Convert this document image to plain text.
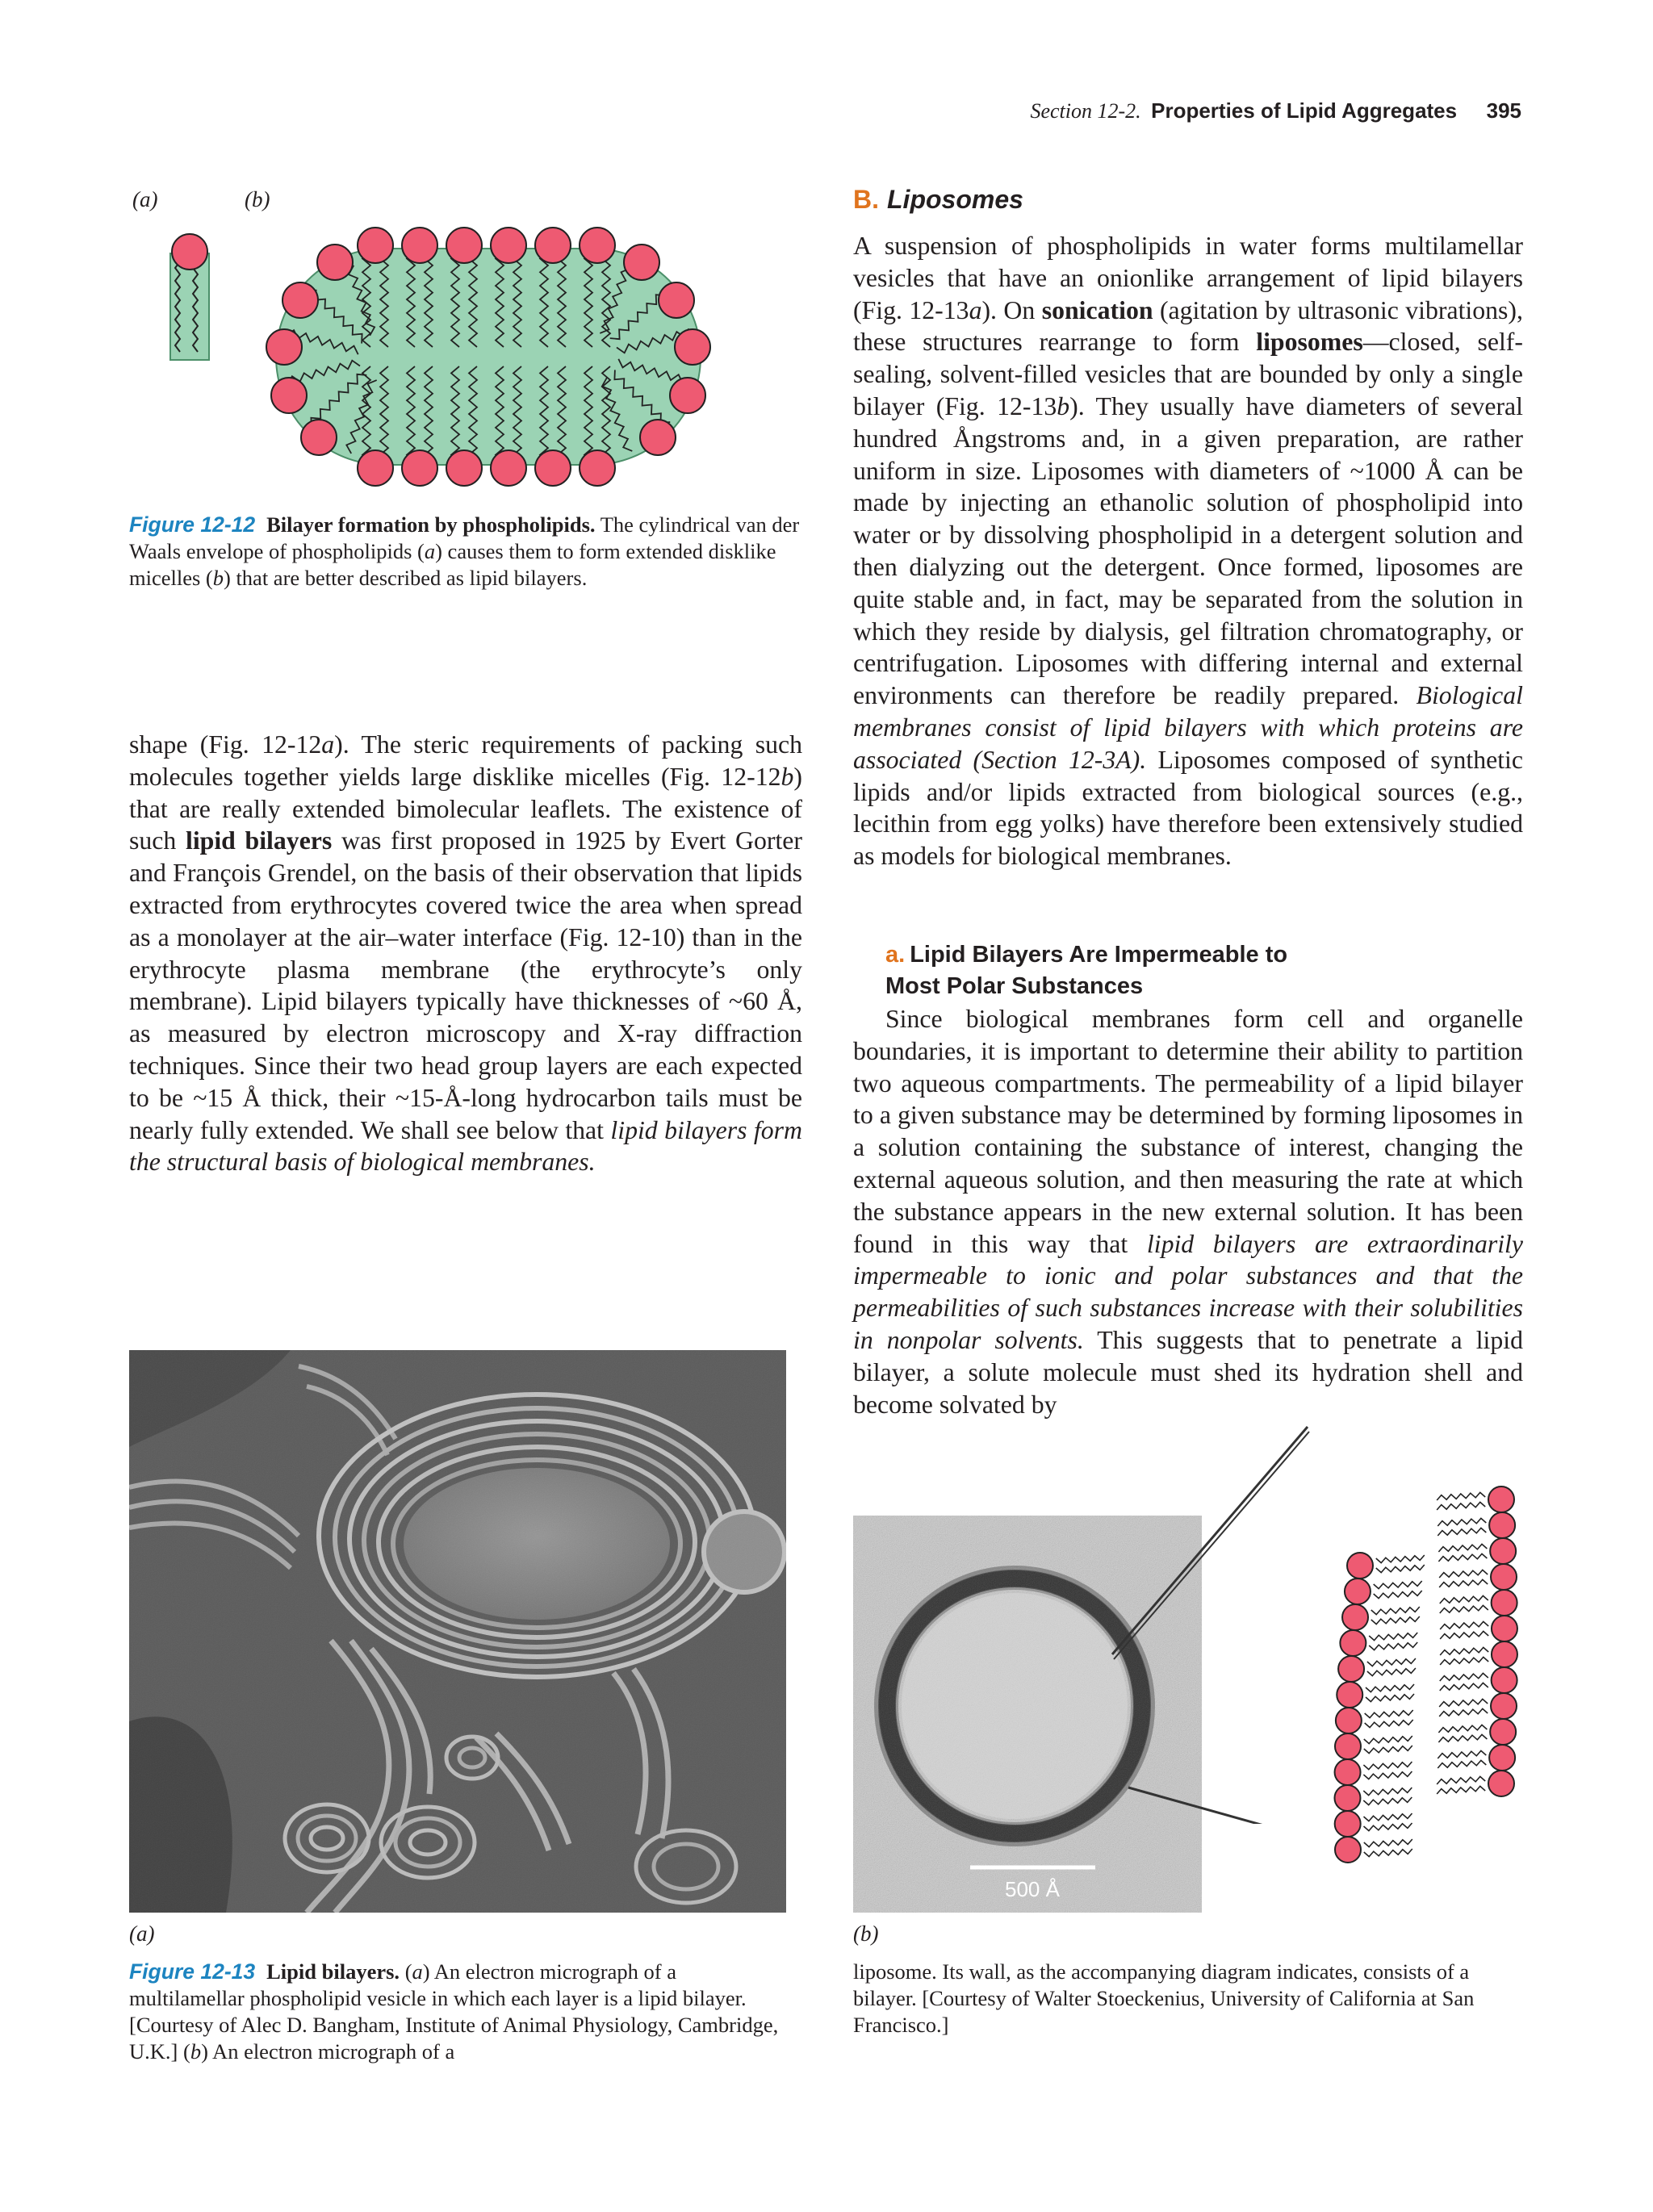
Section 12-2. Properties of Lipid Aggregates 395
(a)	(b)
Figure 12-12 Bilayer formation by phospholipids. The cylindrical van der Waals envelope of phospholipids (a) causes them to form extended disklike micelles (b) that are better described as lipid bilayers.
shape (Fig. 12-12a). The steric requirements of packing such molecules together yields large disklike micelles (Fig. 12-12b) that are really extended bimolecular leaflets. The existence of such lipid bilayers was first proposed in 1925 by Evert Gorter and François Grendel, on the basis of their observation that lipids extracted from erythrocytes covered twice the area when spread as a monolayer at the air–water interface (Fig. 12-10) than in the erythrocyte plasma membrane (the erythrocyte’s only membrane). Lipid bilayers typically have thicknesses of ~60 Å, as measured by electron microscopy and X-ray diffraction techniques. Since their two head group layers are each expected to be ~15 Å thick, their ~15-Å-long hydrocarbon tails must be nearly fully extended. We shall see below that lipid bilayers form the structural basis of biological membranes.
B. Liposomes
A suspension of phospholipids in water forms multilamellar vesicles that have an onionlike arrangement of lipid bilayers (Fig. 12-13a). On sonication (agitation by ultrasonic vibrations), these structures rearrange to form liposomes—closed, self-sealing, solvent-filled vesicles that are bounded by only a single bilayer (Fig. 12-13b). They usually have diameters of several hundred Ångstroms and, in a given preparation, are rather uniform in size. Liposomes with diameters of ~1000 Å can be made by injecting an ethanolic solution of phospholipid into water or by dissolving phospholipid in a detergent solution and then dialyzing out the detergent. Once formed, liposomes are quite stable and, in fact, may be separated from the solution in which they reside by dialysis, gel filtration chromatography, or centrifugation. Liposomes with differing internal and external environments can therefore be readily prepared. Biological membranes consist of lipid bilayers with which proteins are associated (Section 12-3A). Liposomes composed of synthetic lipids and/or lipids extracted from biological sources (e.g., lecithin from egg yolks) have therefore been extensively studied as models for biological membranes.
a. Lipid Bilayers Are Impermeable to
Most Polar Substances
Since biological membranes form cell and organelle boundaries, it is important to determine their ability to partition two aqueous compartments. The permeability of a lipid bilayer to a given substance may be determined by forming liposomes in a solution containing the substance of interest, changing the external aqueous solution, and then measuring the rate at which the substance appears in the new external solution. It has been found in this way that lipid bilayers are extraordinarily impermeable to ionic and polar substances and that the permeabilities of such substances increase with their solubilities in nonpolar solvents. This suggests that to penetrate a lipid bilayer, a solute molecule must shed its hydration shell and become solvated by
500 Å
(a)	(b)
Figure 12-13 Lipid bilayers. (a) An electron micrograph of a multilamellar phospholipid vesicle in which each layer is a lipid bilayer. [Courtesy of Alec D. Bangham, Institute of Animal Physiology, Cambridge, U.K.] (b) An electron micrograph of a
liposome. Its wall, as the accompanying diagram indicates, consists of a bilayer. [Courtesy of Walter Stoeckenius, University of California at San Francisco.]
